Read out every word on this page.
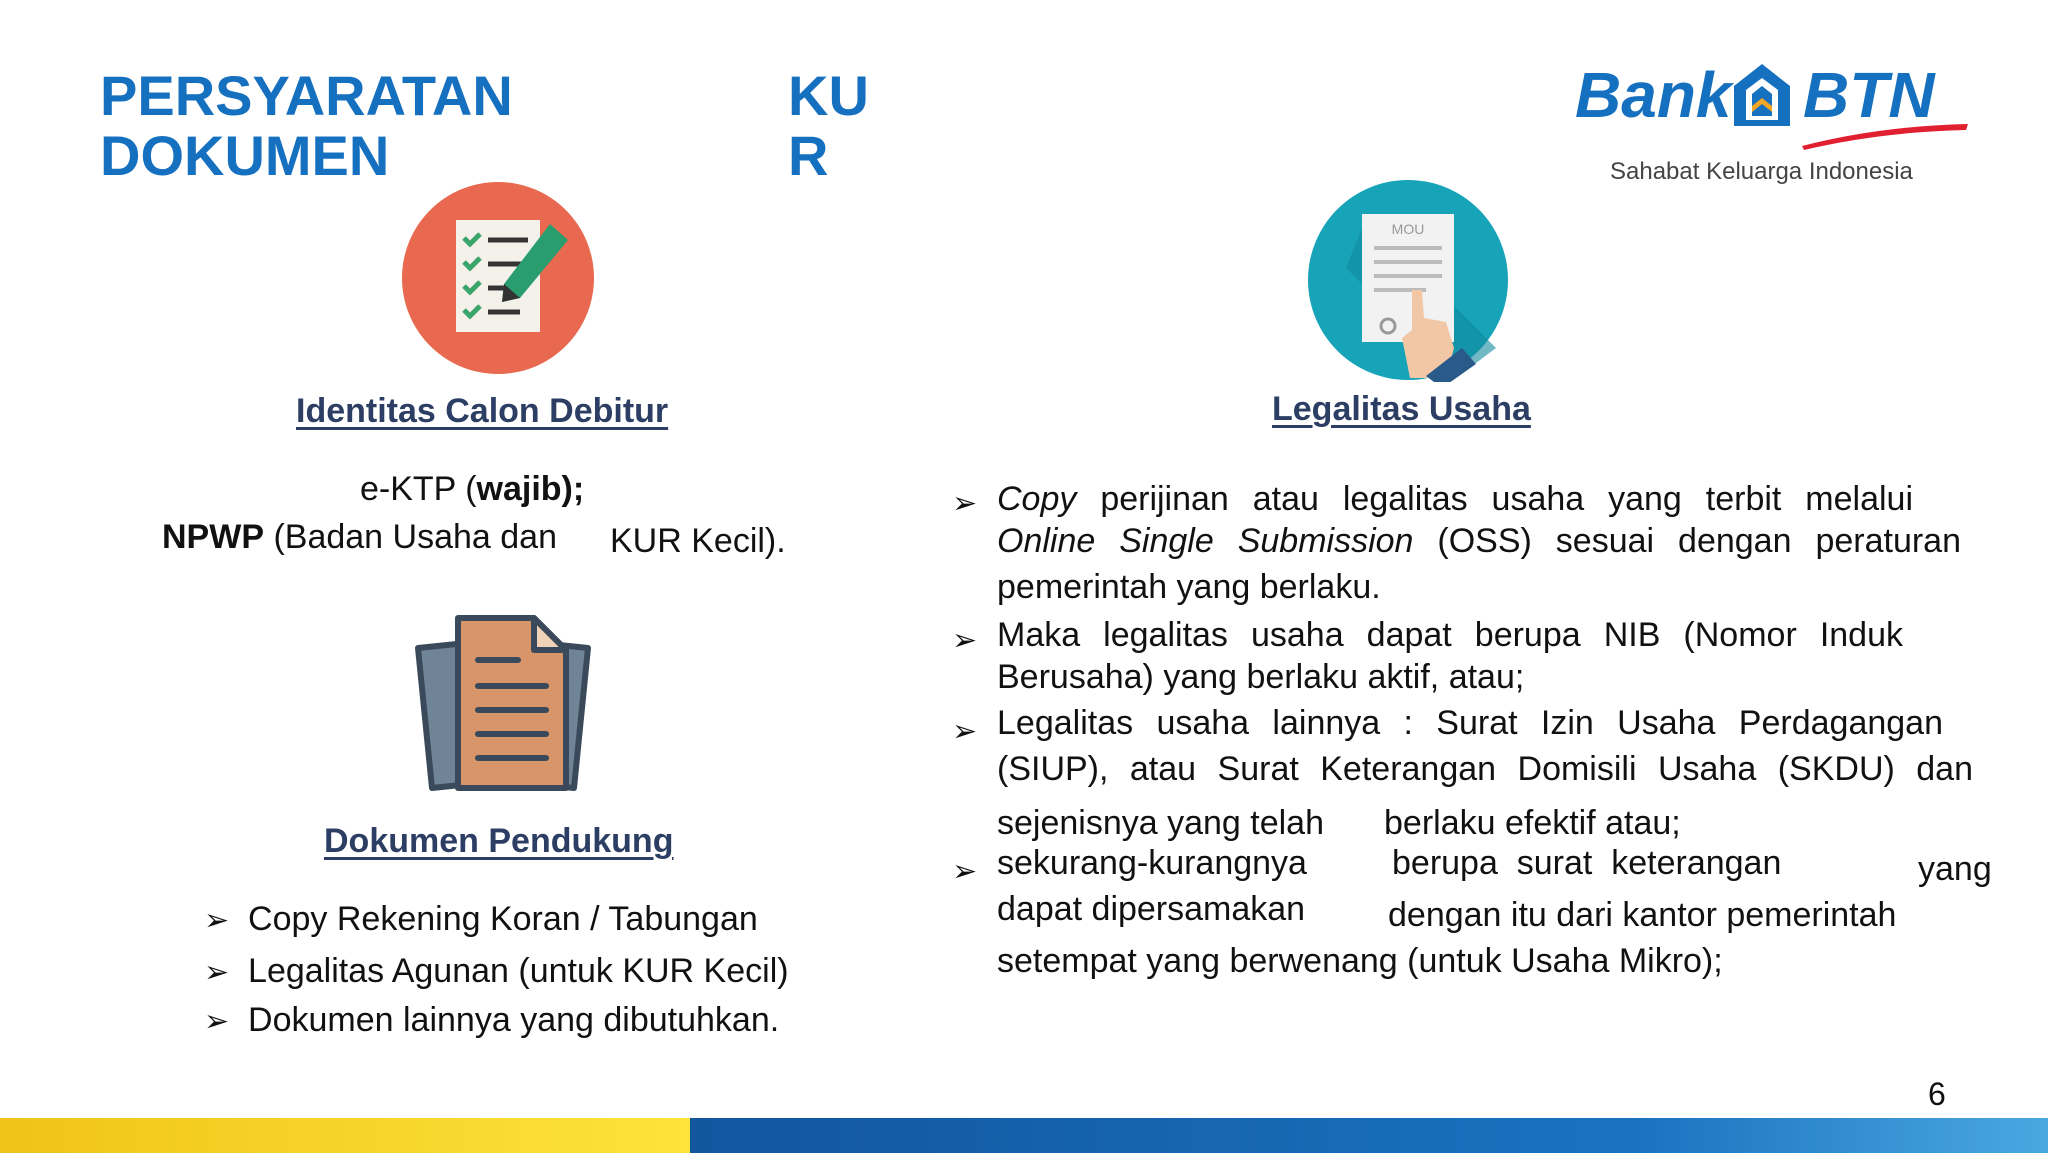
PERSYARATAN	KU
DOKUMEN	R
Bank BTN
Sahabat Keluarga Indonesia
Identitas Calon Debitur
e-KTP (wajib);
NPWP (Badan Usaha dan KUR Kecil).
Dokumen Pendukung
➢ Copy Rekening Koran / Tabungan
➢ Legalitas Agunan (untuk KUR Kecil)
➢ Dokumen lainnya yang dibutuhkan.
MOU
Legalitas Usaha
➢ Copy perijinan atau legalitas usaha yang terbit melalui
Online Single Submission (OSS) sesuai dengan peraturan
pemerintah yang berlaku.
➢ Maka legalitas usaha dapat berupa NIB (Nomor Induk
Berusaha) yang berlaku aktif, atau;
➢ Legalitas usaha lainnya : Surat Izin Usaha Perdagangan
(SIUP), atau Surat Keterangan Domisili Usaha (SKDU) dan
sejenisnya yang telah berlaku efektif atau;
➢ sekurang-kurangnya	berupa  surat  keterangan	yang
dapat dipersamakan dengan itu dari kantor pemerintah
setempat yang berwenang (untuk Usaha Mikro);
6
